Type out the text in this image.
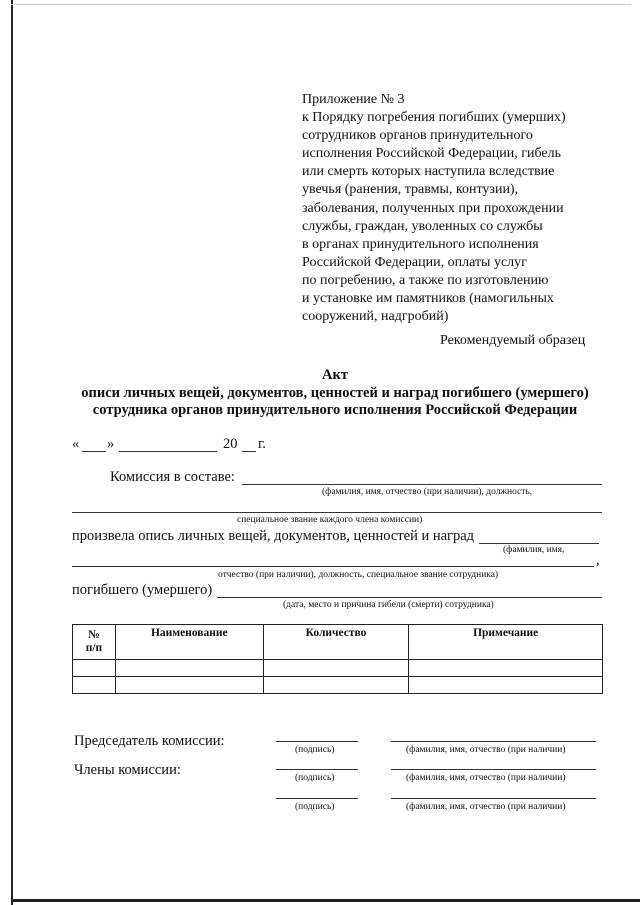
Приложение № 3
к Порядку погребения погибших (умерших)
сотрудников органов принудительного
исполнения Российской Федерации, гибель
или смерть которых наступила вследствие
увечья (ранения, травмы, контузии),
заболевания, полученных при прохождении
службы, граждан, уволенных со службы
в органах принудительного исполнения
Российской Федерации, оплаты услуг
по погребению, а также по изготовлению
и установке им памятников (намогильных
сооружений, надгробий)
Рекомендуемый образец
Акт
описи личных вещей, документов, ценностей и наград погибшего (умершего)
сотрудника органов принудительного исполнения Российской Федерации
« »	20 г.
Комиссия в составе:
(фамилия, имя, отчество (при наличии), должность,
специальное звание каждого члена комиссии)
произвела опись личных вещей, документов, ценностей и наград
(фамилия, имя,
,
отчество (при наличии), должность, специальное звание сотрудника)
погибшего (умершего)
(дата, место и причина гибели (смерти) сотрудника)
№
п/п	Наименование	Количество	Примечание

Председатель комиссии:
(подпись)	(фамилия, имя, отчество (при наличии)
Члены комиссии:	(подпись)	(фамилия, имя, отчество (при наличии)
(подпись)	(фамилия, имя, отчество (при наличии)
